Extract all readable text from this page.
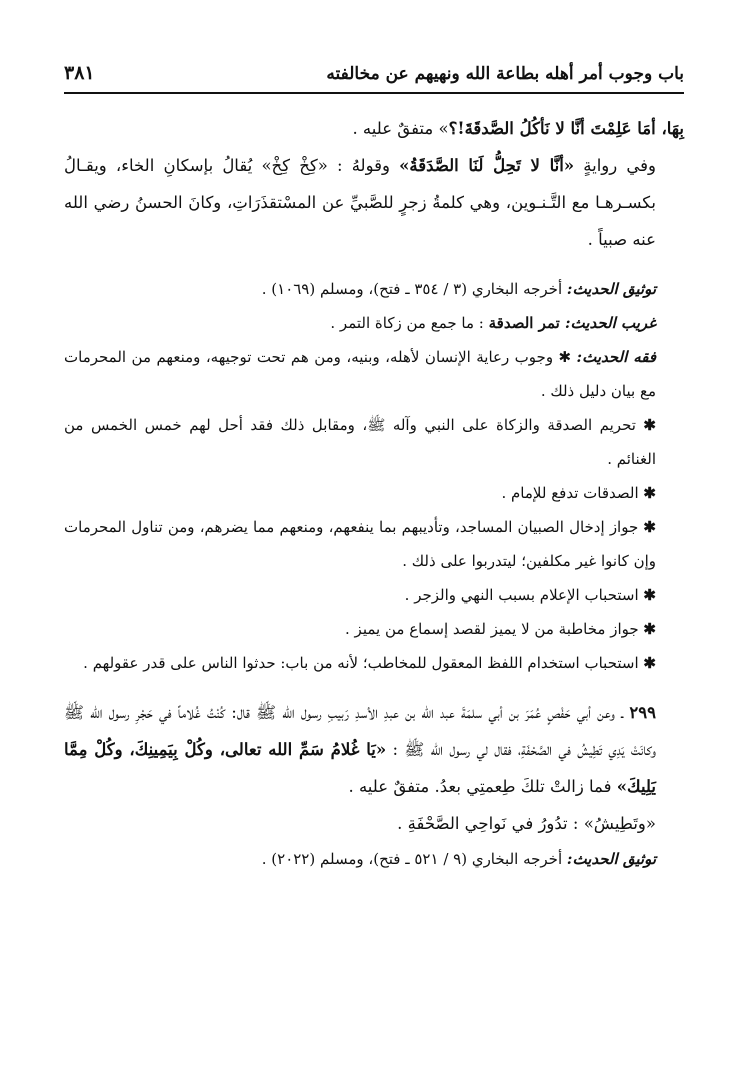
باب وجوب أمر أهله بطاعة الله ونهيهم عن مخالفته
٣٨١

بِهَا، أمَا عَلِمْتَ أنَّا لا نَأكُلُ الصَّدقَةَ!؟» متفقٌ عليه .

وفي روايةٍ «أنَّا لا تَحِلُّ لَنَا الصَّدَقَةُ» وقولهُ : «كِخْ كِخْ» يُقالُ بإسكانِ الخاء، ويقـالُ بكسـرهـا مع التَّـنـوين، وهي كلمةُ زجرٍ للصَّبيِّ عن المسْتقذَرَاتِ، وكانَ الحسنُ رضي الله عنه صبياً .

توثيق الحديث: أخرجه البخاري (٣ / ٣٥٤ ـ فتح)، ومسلم (١٠٦٩) .

غريب الحديث: تمر الصدقة : ما جمع من زكاة التمر .

فقه الحديث: ✱ وجوب رعاية الإنسان لأهله، وبنيه، ومن هم تحت توجيهه، ومنعهم من المحرمات مع بيان دليل ذلك .

✱ تحريم الصدقة والزكاة على النبي وآله ﷺ، ومقابل ذلك فقد أحل لهم خمس الخمس من الغنائم .

✱ الصدقات تدفع للإمام .

✱ جواز إدخال الصبيان المساجد، وتأديبهم بما ينفعهم، ومنعهم مما يضرهم، ومن تناول المحرمات وإن كانوا غير مكلفين؛ ليتدربوا على ذلك .

✱ استحباب الإعلام بسبب النهي والزجر .

✱ جواز مخاطبة من لا يميز لقصد إسماع من يميز .

✱ استحباب استخدام اللفظ المعقول للمخاطب؛ لأنه من باب: حدثوا الناس على قدر عقولهم .

٢٩٩ ـ وعن أبي حَفْصٍ عُمَرَ بن أبي سلمَةَ عبد الله بن عبدِ الأسدِ رَبيبِ رسول الله ﷺ قال: كُنْتُ غُلاماً في حَجْرِ رسول الله ﷺ وكانَتْ يَدِي تَطِيشُ في الصَّحْفَةِ، فقال لي رسول الله ﷺ : «يَا غُلامُ سَمِّ الله تعالى، وكُلْ بِيَمِينِكَ، وكُلْ مِمَّا يَلِيكَ» فما زالتْ تلكَ طِعمتِي بعدُ. متفقٌ عليه .

«وتَطِيشُ» : تدُورُ في نَواحِي الصَّحْفَةِ .

توثيق الحديث: أخرجه البخاري (٩ / ٥٢١ ـ فتح)، ومسلم (٢٠٢٢) .
